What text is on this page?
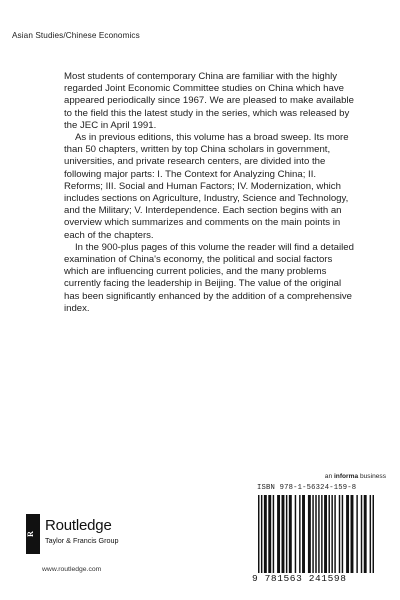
Asian Studies/Chinese Economics

Most students of contemporary China are familiar with the highly regarded Joint Economic Committee studies on China which have appeared periodically since 1967. We are pleased to make available to the field this the latest study in the series, which was released by the JEC in April 1991.

As in previous editions, this volume has a broad sweep. Its more than 50 chapters, written by top China scholars in government, universities, and private research centers, are divided into the following major parts: I. The Context for Analyzing China; II. Reforms; III. Social and Human Factors; IV. Modernization, which includes sections on Agriculture, Industry, Science and Technology, and the Military; V. Interdependence. Each section begins with an overview which summarizes and comments on the main points in each of the chapters.

In the 900-plus pages of this volume the reader will find a detailed examination of China's economy, the political and social factors which are influencing current policies, and the many problems currently facing the leadership in Beijing. The value of the original has been significantly enhanced by the addition of a comprehensive index.

an informa business
R Routledge
Taylor & Francis Group
www.routledge.com
ISBN 978-1-56324-159-8
9 781563 241598
